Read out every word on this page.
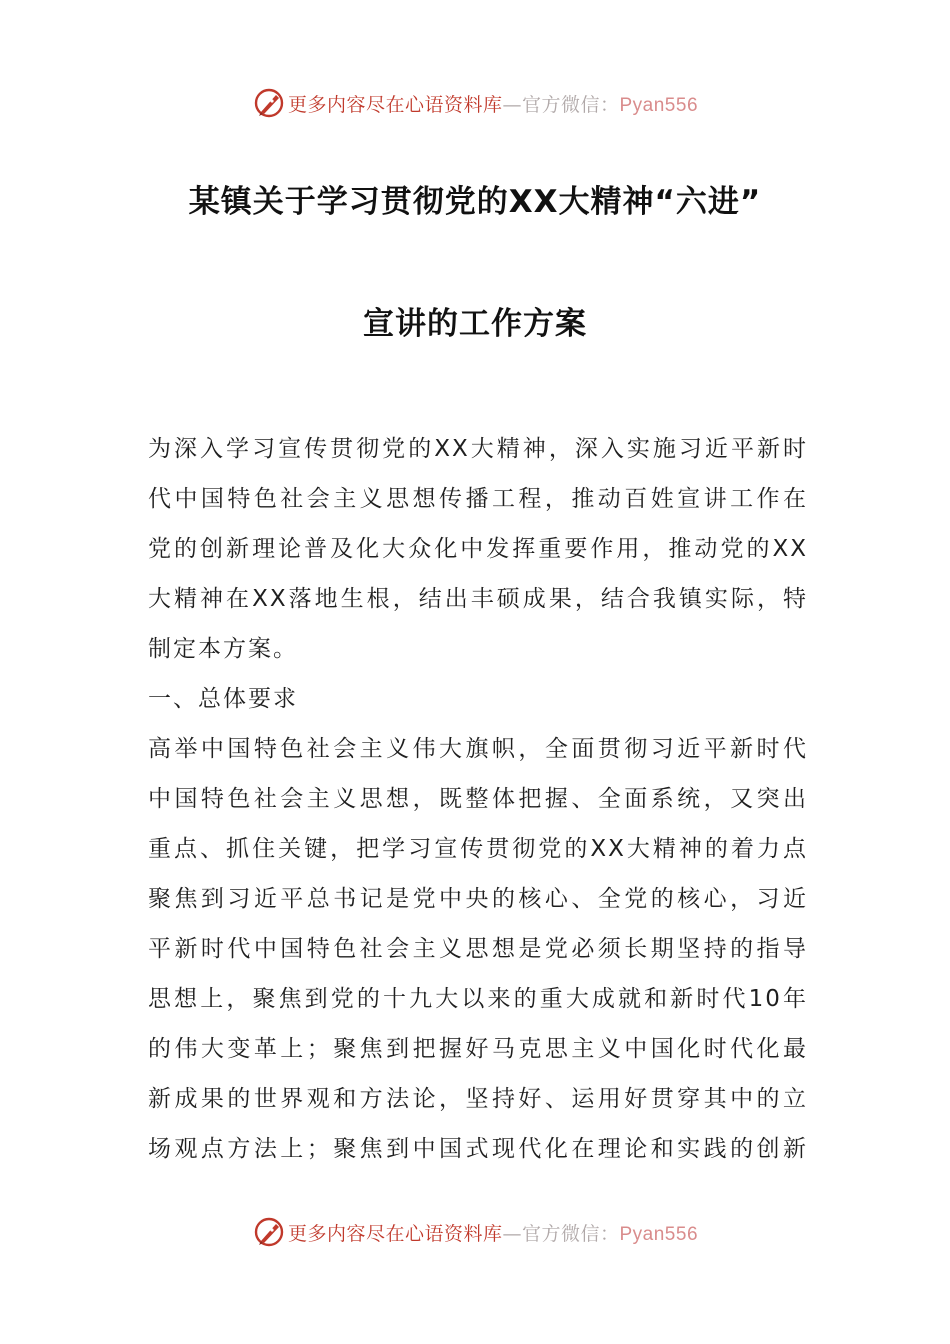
更多内容尽在心语资料库—官方微信：Pyan556
某镇关于学习贯彻党的XX大精神“六进”
宣讲的工作方案
为深入学习宣传贯彻党的XX大精神，深入实施习近平新时
代中国特色社会主义思想传播工程，推动百姓宣讲工作在
党的创新理论普及化大众化中发挥重要作用，推动党的XX
大精神在XX落地生根，结出丰硕成果，结合我镇实际，特
制定本方案。
一、总体要求
高举中国特色社会主义伟大旗帜，全面贯彻习近平新时代
中国特色社会主义思想，既整体把握、全面系统，又突出
重点、抓住关键，把学习宣传贯彻党的XX大精神的着力点
聚焦到习近平总书记是党中央的核心、全党的核心，习近
平新时代中国特色社会主义思想是党必须长期坚持的指导
思想上，聚焦到党的十九大以来的重大成就和新时代10年
的伟大变革上；聚焦到把握好马克思主义中国化时代化最
新成果的世界观和方法论，坚持好、运用好贯穿其中的立
场观点方法上；聚焦到中国式现代化在理论和实践的创新
更多内容尽在心语资料库—官方微信：Pyan556
